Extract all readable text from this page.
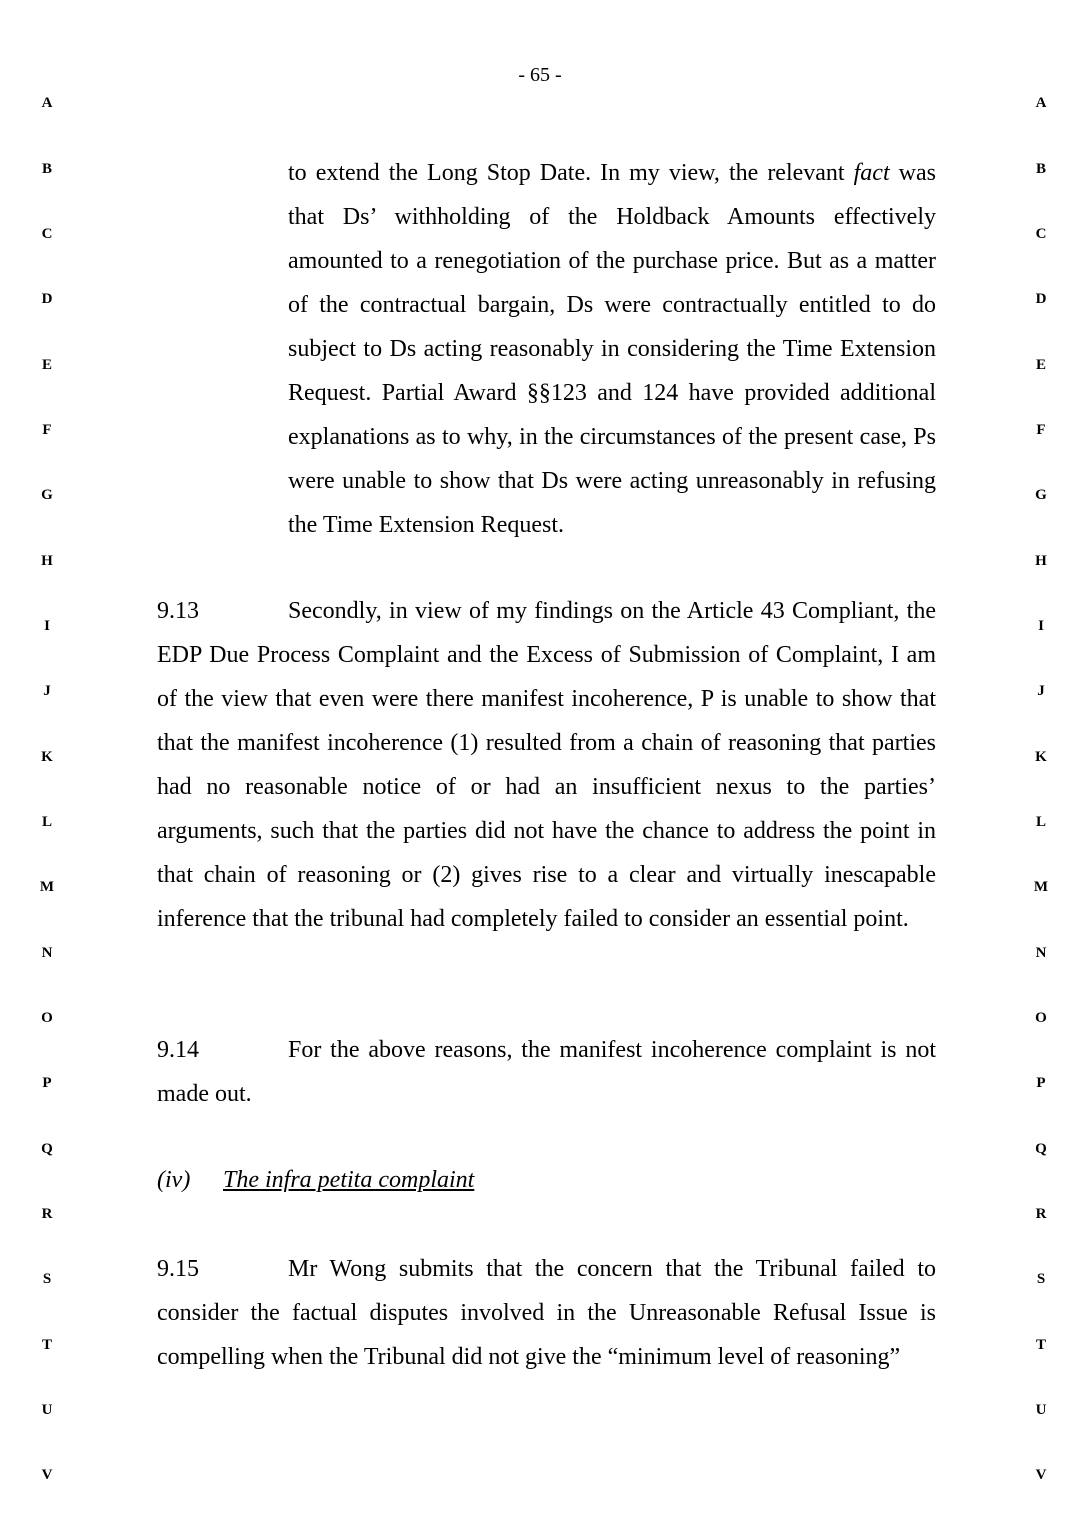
- 65 -
A
B
C
D
E
F
G
H
I
J
K
L
M
N
O
P
Q
R
S
T
U
V
A
B
C
D
E
F
G
H
I
J
K
L
M
N
O
P
Q
R
S
T
U
V

to extend the Long Stop Date. In my view, the relevant fact was that Ds’ withholding of the Holdback Amounts effectively amounted to a renegotiation of the purchase price. But as a matter of the contractual bargain, Ds were contractually entitled to do subject to Ds acting reasonably in considering the Time Extension Request. Partial Award §§123 and 124 have provided additional explanations as to why, in the circumstances of the present case, Ps were unable to show that Ds were acting unreasonably in refusing the Time Extension Request.

9.13	Secondly, in view of my findings on the Article 43 Compliant, the EDP Due Process Complaint and the Excess of Submission of Complaint, I am of the view that even were there manifest incoherence, P is unable to show that that the manifest incoherence (1) resulted from a chain of reasoning that parties had no reasonable notice of or had an insufficient nexus to the parties’ arguments, such that the parties did not have the chance to address the point in that chain of reasoning or (2) gives rise to a clear and virtually inescapable inference that the tribunal had completely failed to consider an essential point.

9.14	For the above reasons, the manifest incoherence complaint is not made out.

(iv) The infra petita complaint

9.15	Mr Wong submits that the concern that the Tribunal failed to consider the factual disputes involved in the Unreasonable Refusal Issue is compelling when the Tribunal did not give the “minimum level of reasoning”
